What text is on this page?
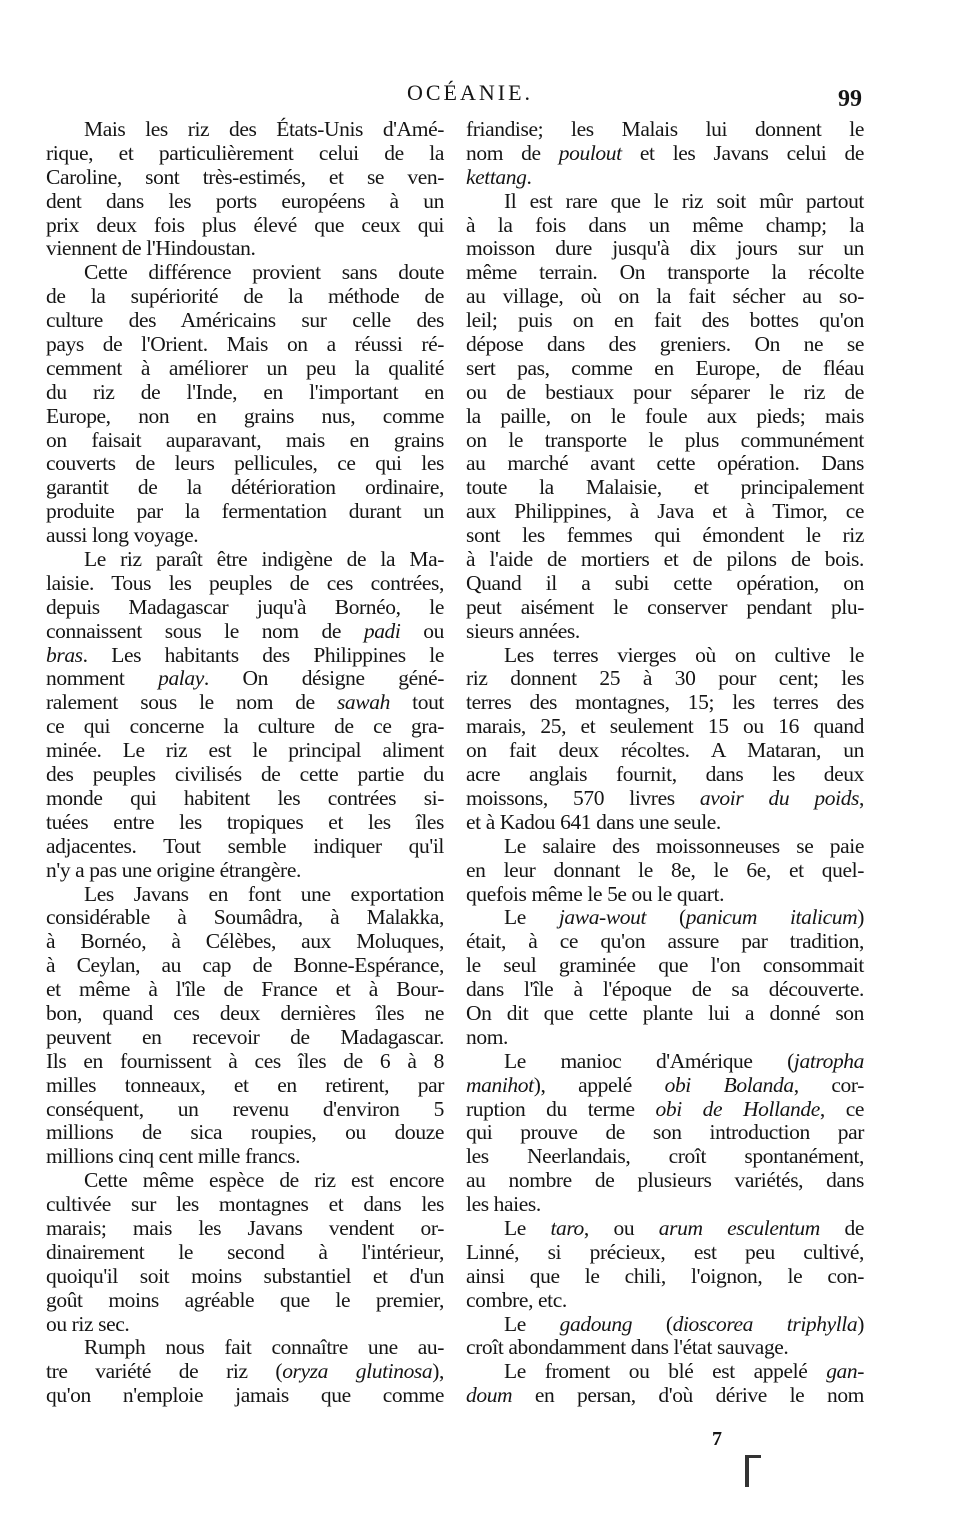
OCÉANIE.	99
Mais les riz des États-Unis d'Amé-
rique, et particulièrement celui de la
Caroline, sont très-estimés, et se ven-
dent dans les ports européens à un
prix deux fois plus élevé que ceux qui
viennent de l'Hindoustan.
Cette différence provient sans doute
de la supériorité de la méthode de
culture des Américains sur celle des
pays de l'Orient. Mais on a réussi ré-
cemment à améliorer un peu la qualité
du riz de l'Inde, en l'important en
Europe, non en grains nus, comme
on faisait auparavant, mais en grains
couverts de leurs pellicules, ce qui les
garantit de la détérioration ordinaire,
produite par la fermentation durant un
aussi long voyage.
Le riz paraît être indigène de la Ma-
laisie. Tous les peuples de ces contrées,
depuis Madagascar juqu'à Bornéo, le
connaissent sous le nom de padi ou
bras. Les habitants des Philippines le
nomment palay. On désigne géné-
ralement sous le nom de sawah tout
ce qui concerne la culture de ce gra-
minée. Le riz est le principal aliment
des peuples civilisés de cette partie du
monde qui habitent les contrées si-
tuées entre les tropiques et les îles
adjacentes. Tout semble indiquer qu'il
n'y a pas une origine étrangère.
Les Javans en font une exportation
considérable à Soumâdra, à Malakka,
à Bornéo, à Célèbes, aux Moluques,
à Ceylan, au cap de Bonne-Espérance,
et même à l'île de France et à Bour-
bon, quand ces deux dernières îles ne
peuvent en recevoir de Madagascar.
Ils en fournissent à ces îles de 6 à 8
milles tonneaux, et en retirent, par
conséquent, un revenu d'environ 5
millions de sica roupies, ou douze
millions cinq cent mille francs.
Cette même espèce de riz est encore
cultivée sur les montagnes et dans les
marais; mais les Javans vendent or-
dinairement le second à l'intérieur,
quoiqu'il soit moins substantiel et d'un
goût moins agréable que le premier,
ou riz sec.
Rumph nous fait connaître une au-
tre variété de riz (oryza glutinosa),
qu'on n'emploie jamais que comme
friandise; les Malais lui donnent le
nom de poulout et les Javans celui de
kettang.
Il est rare que le riz soit mûr partout
à la fois dans un même champ; la
moisson dure jusqu'à dix jours sur un
même terrain. On transporte la récolte
au village, où on la fait sécher au so-
leil; puis on en fait des bottes qu'on
dépose dans des greniers. On ne se
sert pas, comme en Europe, de fléau
ou de bestiaux pour séparer le riz de
la paille, on le foule aux pieds; mais
on le transporte le plus communément
au marché avant cette opération. Dans
toute la Malaisie, et principalement
aux Philippines, à Java et à Timor, ce
sont les femmes qui émondent le riz
à l'aide de mortiers et de pilons de bois.
Quand il a subi cette opération, on
peut aisément le conserver pendant plu-
sieurs années.
Les terres vierges où on cultive le
riz donnent 25 à 30 pour cent; les
terres des montagnes, 15; les terres des
marais, 25, et seulement 15 ou 16 quand
on fait deux récoltes. A Mataran, un
acre anglais fournit, dans les deux
moissons, 570 livres avoir du poids,
et à Kadou 641 dans une seule.
Le salaire des moissonneuses se paie
en leur donnant le 8e, le 6e, et quel-
quefois même le 5e ou le quart.
Le jawa-wout (panicum italicum)
était, à ce qu'on assure par tradition,
le seul graminée que l'on consommait
dans l'île à l'époque de sa découverte.
On dit que cette plante lui a donné son
nom.
Le manioc d'Amérique (jatropha
manihot), appelé obi Bolanda, cor-
ruption du terme obi de Hollande, ce
qui prouve de son introduction par
les Neerlandais, croît spontanément,
au nombre de plusieurs variétés, dans
les haies.
Le taro, ou arum esculentum de
Linné, si précieux, est peu cultivé,
ainsi que le chili, l'oignon, le con-
combre, etc.
Le gadoung (dioscorea triphylla)
croît abondamment dans l'état sauvage.
Le froment ou blé est appelé gan-
doum en persan, d'où dérive le nom
7
